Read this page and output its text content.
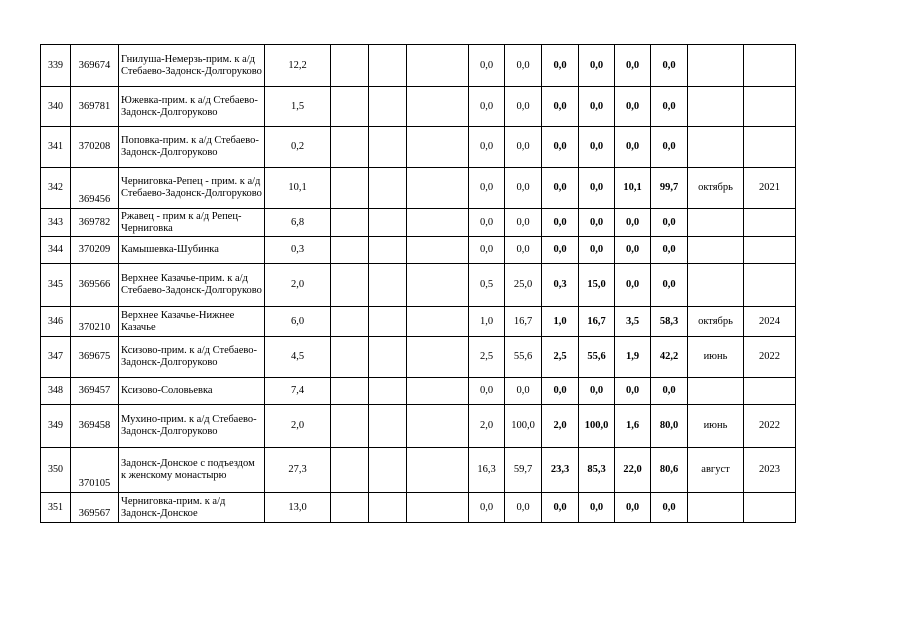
339	369674	Гнилуша-Немерзь-прим. к а/д Стебаево-Задонск-Долгоруково	12,2				0,0	0,0	0,0	0,0	0,0	0,0		
340	369781	Южевка-прим. к а/д Стебаево-Задонск-Долгоруково	1,5				0,0	0,0	0,0	0,0	0,0	0,0		
341	370208	Поповка-прим. к а/д Стебаево-Задонск-Долгоруково	0,2				0,0	0,0	0,0	0,0	0,0	0,0		
342	369456	Черниговка-Репец - прим. к а/д Стебаево-Задонск-Долгоруково	10,1				0,0	0,0	0,0	0,0	10,1	99,7	октябрь	2021
343	369782	Ржавец - прим к а/д Репец-Черниговка	6,8				0,0	0,0	0,0	0,0	0,0	0,0		
344	370209	Камышевка-Шубинка	0,3				0,0	0,0	0,0	0,0	0,0	0,0		
345	369566	Верхнее Казачье-прим. к а/д Стебаево-Задонск-Долгоруково	2,0				0,5	25,0	0,3	15,0	0,0	0,0		
346	370210	Верхнее Казачье-Нижнее Казачье	6,0				1,0	16,7	1,0	16,7	3,5	58,3	октябрь	2024
347	369675	Ксизово-прим. к а/д Стебаево-Задонск-Долгоруково	4,5				2,5	55,6	2,5	55,6	1,9	42,2	июнь	2022
348	369457	Ксизово-Соловьевка	7,4				0,0	0,0	0,0	0,0	0,0	0,0		
349	369458	Мухино-прим. к а/д Стебаево-Задонск-Долгоруково	2,0				2,0	100,0	2,0	100,0	1,6	80,0	июнь	2022
350	370105	Задонск-Донское с подъездом к женскому монастырю	27,3				16,3	59,7	23,3	85,3	22,0	80,6	август	2023
351	369567	Черниговка-прим. к а/д Задонск-Донское	13,0				0,0	0,0	0,0	0,0	0,0	0,0		
